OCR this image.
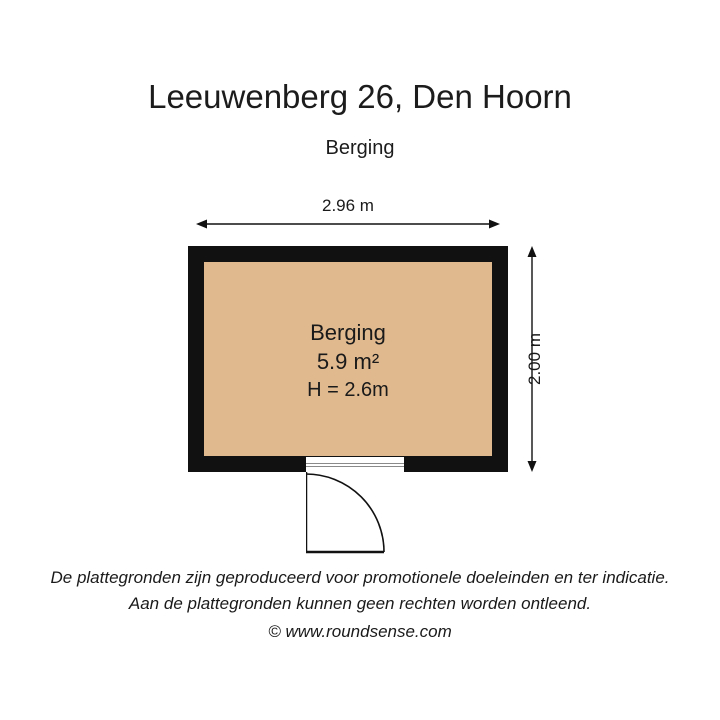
Leeuwenberg 26, Den Hoorn
Berging
2.96 m
2.00 m
Berging
5.9 m²
H = 2.6m
De plattegronden zijn geproduceerd voor promotionele doeleinden en ter indicatie.
Aan de plattegronden kunnen geen rechten worden ontleend.
© www.roundsense.com
